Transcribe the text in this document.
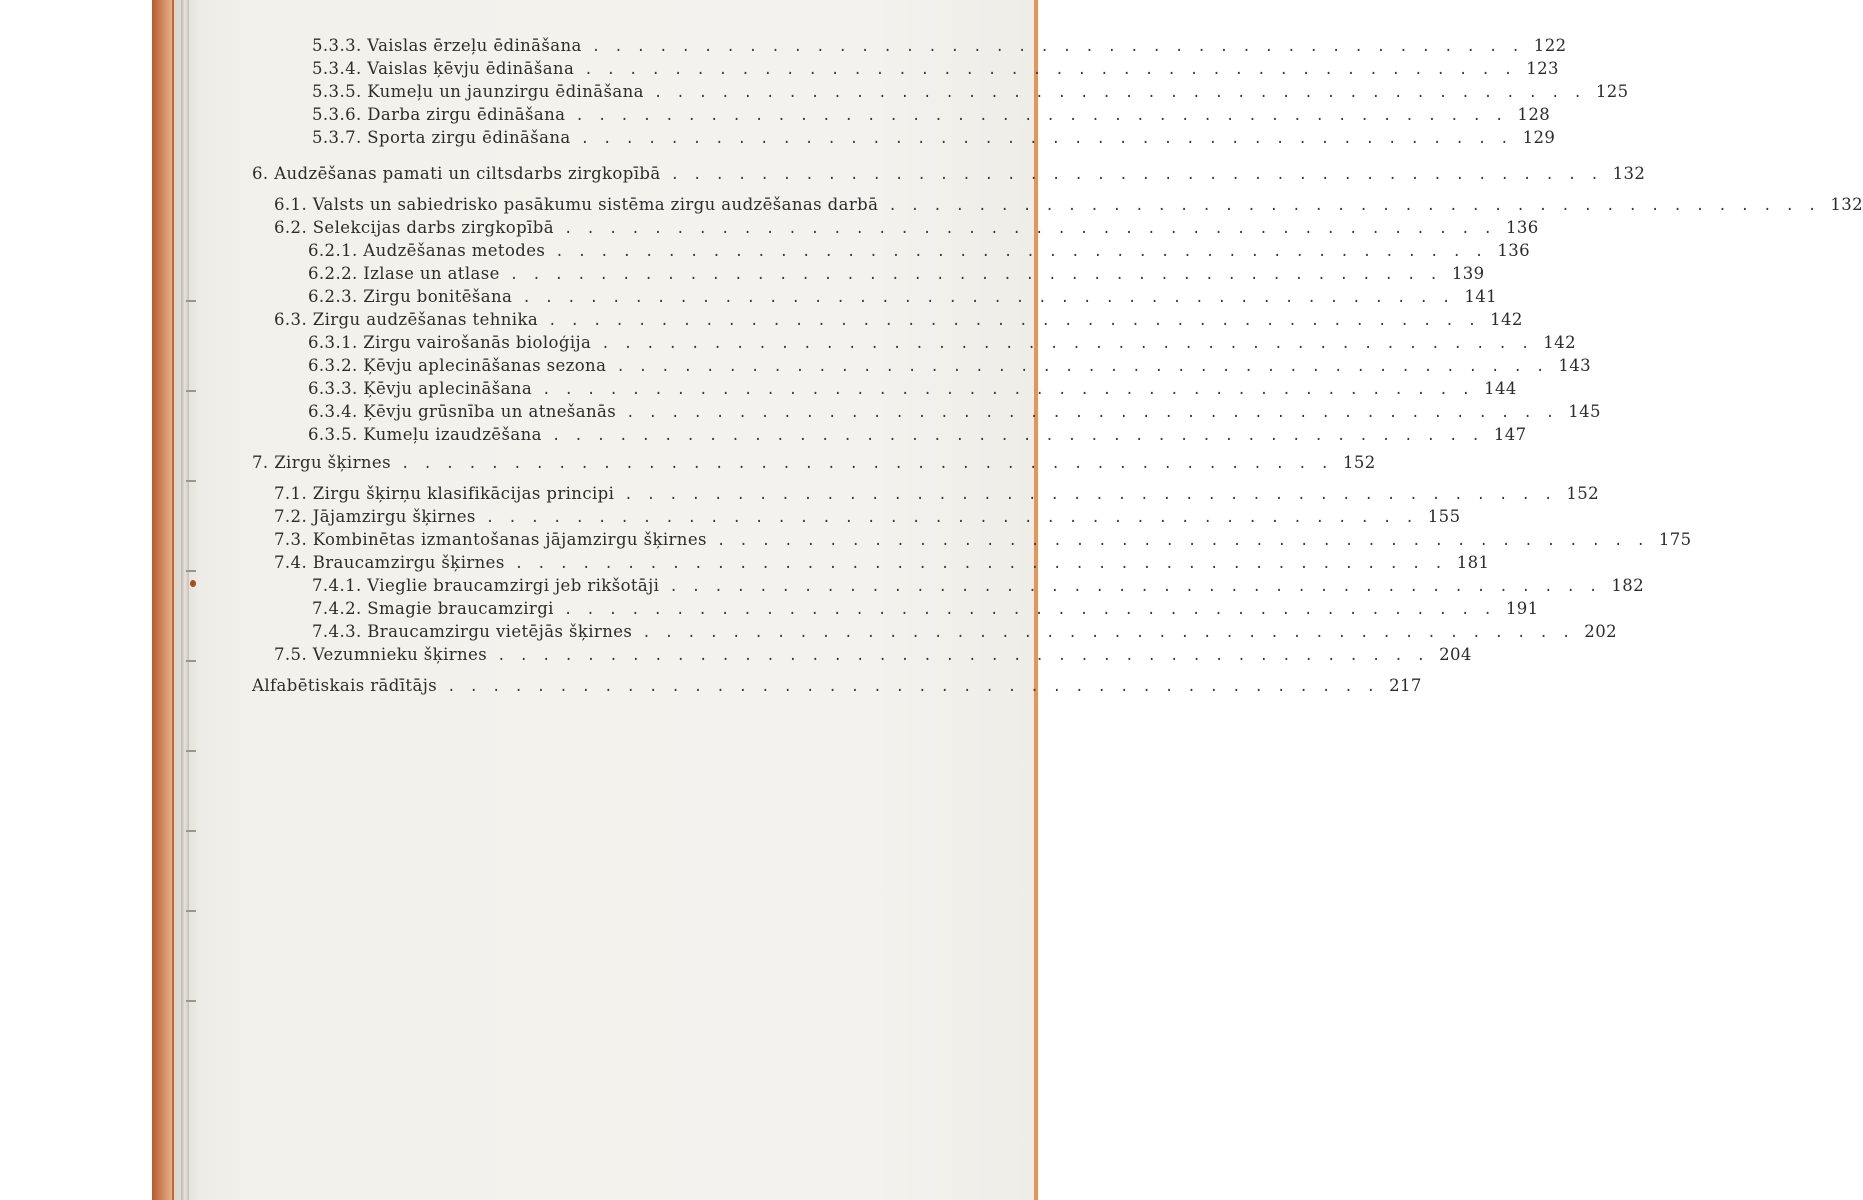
5.3.3. Vaislas ērzeļu ēdināšana .......................................... 122
5.3.4. Vaislas ķēvju ēdināšana .......................................... 123
5.3.5. Kumeļu un jaunzirgu ēdināšana .......................................... 125
5.3.6. Darba zirgu ēdināšana .......................................... 128
5.3.7. Sporta zirgu ēdināšana .......................................... 129
6. Audzēšanas pamati un ciltsdarbs zirgkopībā .......................................... 132
6.1. Valsts un sabiedrisko pasākumu sistēma zirgu audzēšanas darbā .......................................... 132
6.2. Selekcijas darbs zirgkopībā .......................................... 136
6.2.1. Audzēšanas metodes .......................................... 136
6.2.2. Izlase un atlase .......................................... 139
6.2.3. Zirgu bonitēšana .......................................... 141
6.3. Zirgu audzēšanas tehnika .......................................... 142
6.3.1. Zirgu vairošanās bioloģija .......................................... 142
6.3.2. Ķēvju aplecināšanas sezona .......................................... 143
6.3.3. Ķēvju aplecināšana .......................................... 144
6.3.4. Ķēvju grūsnība un atnešanās .......................................... 145
6.3.5. Kumeļu izaudzēšana .......................................... 147
7. Zirgu šķirnes .......................................... 152
7.1. Zirgu šķirņu klasifikācijas principi .......................................... 152
7.2. Jājamzirgu šķirnes .......................................... 155
7.3. Kombinētas izmantošanas jājamzirgu šķirnes .......................................... 175
7.4. Braucamzirgu šķirnes .......................................... 181
7.4.1. Vieglie braucamzirgi jeb rikšotāji .......................................... 182
7.4.2. Smagie braucamzirgi .......................................... 191
7.4.3. Braucamzirgu vietējās šķirnes .......................................... 202
7.5. Vezumnieku šķirnes .......................................... 204
Alfabētiskais rādītājs .......................................... 217
